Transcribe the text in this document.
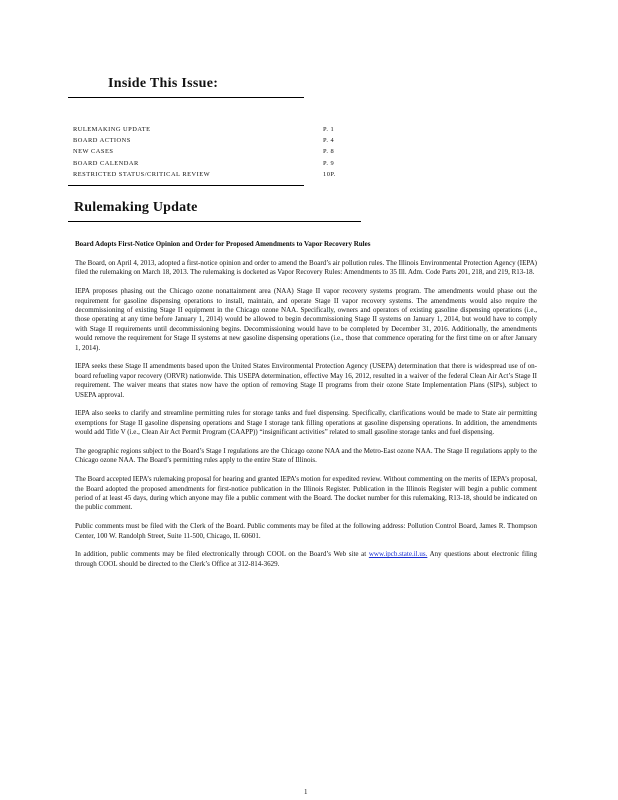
Inside This Issue:
RULEMAKING UPDATE	P. 1
BOARD ACTIONS	P. 4
NEW CASES	P. 8
BOARD CALENDAR	P. 9
RESTRICTED STATUS/CRITICAL REVIEW	10P.
Rulemaking Update

Board Adopts First-Notice Opinion and Order for Proposed Amendments to Vapor Recovery Rules

The Board, on April 4, 2013, adopted a first-notice opinion and order to amend the Board’s air pollution rules. The Illinois Environmental Protection Agency (IEPA) filed the rulemaking on March 18, 2013. The rulemaking is docketed as Vapor Recovery Rules: Amendments to 35 Ill. Adm. Code Parts 201, 218, and 219, R13-18.

IEPA proposes phasing out the Chicago ozone nonattainment area (NAA) Stage II vapor recovery systems program. The amendments would phase out the requirement for gasoline dispensing operations to install, maintain, and operate Stage II vapor recovery systems. The amendments would also require the decommissioning of existing Stage II equipment in the Chicago ozone NAA. Specifically, owners and operators of existing gasoline dispensing operations (i.e., those operating at any time before January 1, 2014) would be allowed to begin decommissioning Stage II systems on January 1, 2014, but would have to comply with Stage II requirements until decommissioning begins. Decommissioning would have to be completed by December 31, 2016. Additionally, the amendments would remove the requirement for Stage II systems at new gasoline dispensing operations (i.e., those that commence operating for the first time on or after January 1, 2014).

IEPA seeks these Stage II amendments based upon the United States Environmental Protection Agency (USEPA) determination that there is widespread use of on-board refueling vapor recovery (ORVR) nationwide. This USEPA determination, effective May 16, 2012, resulted in a waiver of the federal Clean Air Act’s Stage II requirement. The waiver means that states now have the option of removing Stage II programs from their ozone State Implementation Plans (SIPs), subject to USEPA approval.

IEPA also seeks to clarify and streamline permitting rules for storage tanks and fuel dispensing. Specifically, clarifications would be made to State air permitting exemptions for Stage II gasoline dispensing operations and Stage I storage tank filling operations at gasoline dispensing operations. In addition, the amendments would add Title V (i.e., Clean Air Act Permit Program (CAAPP)) “insignificant activities” related to small gasoline storage tanks and fuel dispensing.

The geographic regions subject to the Board’s Stage I regulations are the Chicago ozone NAA and the Metro-East ozone NAA. The Stage II regulations apply to the Chicago ozone NAA. The Board’s permitting rules apply to the entire State of Illinois.

The Board accepted IEPA’s rulemaking proposal for hearing and granted IEPA’s motion for expedited review. Without commenting on the merits of IEPA’s proposal, the Board adopted the proposed amendments for first-notice publication in the Illinois Register. Publication in the Illinois Register will begin a public comment period of at least 45 days, during which anyone may file a public comment with the Board. The docket number for this rulemaking, R13-18, should be indicated on the public comment.

Public comments must be filed with the Clerk of the Board. Public comments may be filed at the following address: Pollution Control Board, James R. Thompson Center, 100 W. Randolph Street, Suite 11-500, Chicago, IL 60601.

In addition, public comments may be filed electronically through COOL on the Board’s Web site at www.ipcb.state.il.us. Any questions about electronic filing through COOL should be directed to the Clerk’s Office at 312-814-3629.

1
